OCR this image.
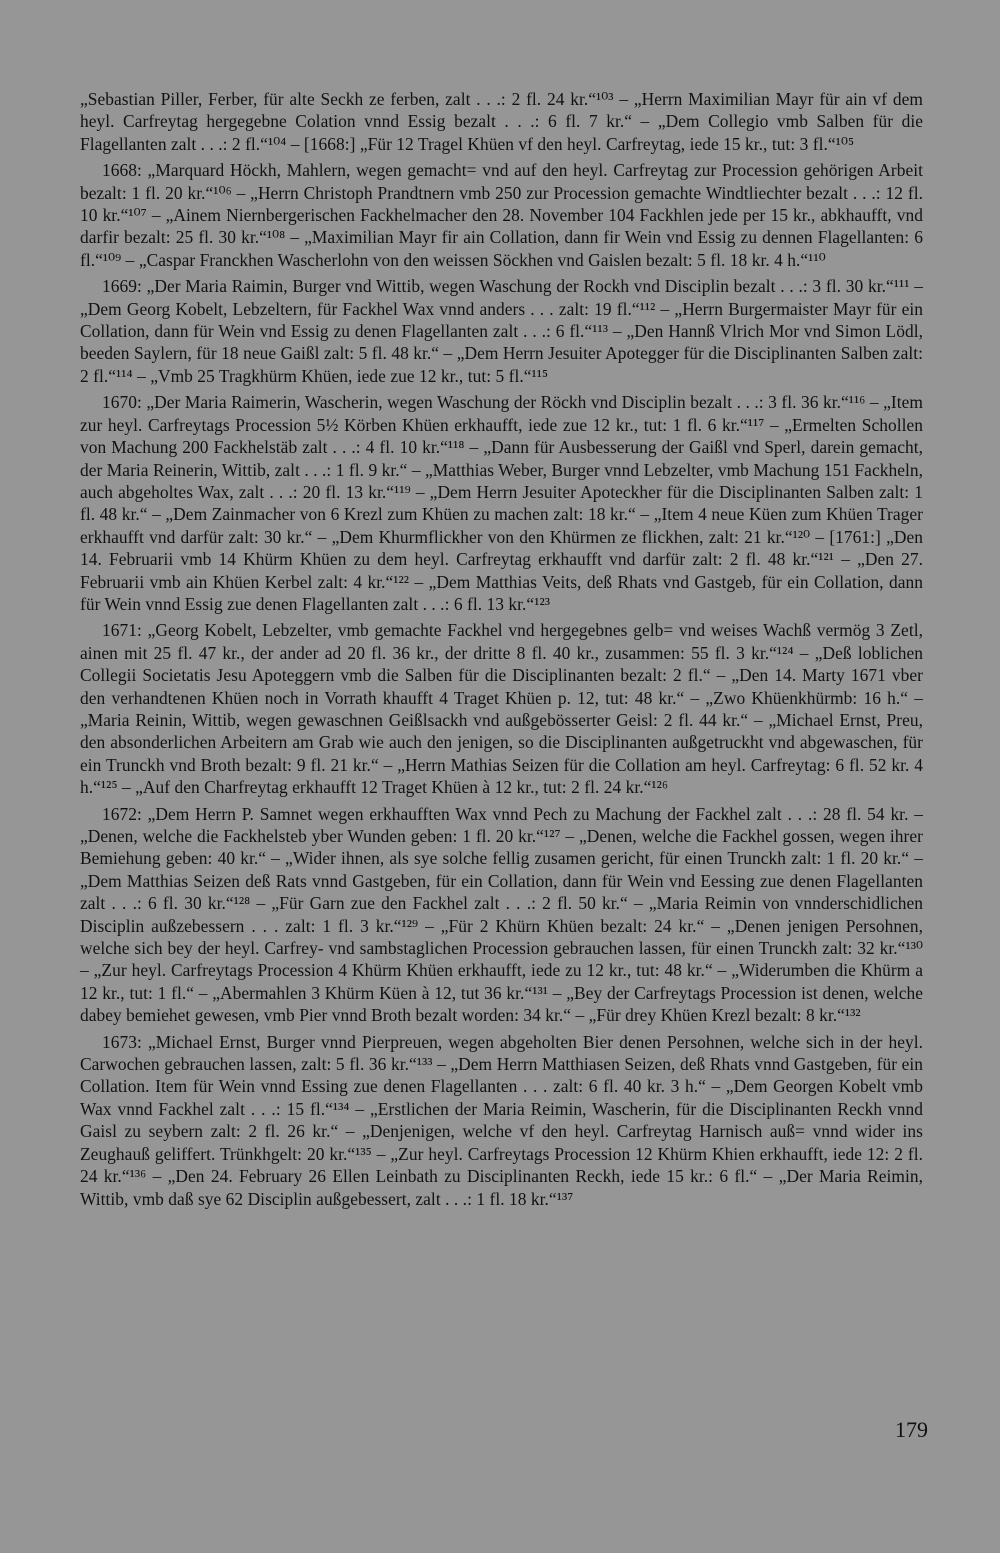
„Sebastian Piller, Ferber, für alte Seckh ze ferben, zalt . . .: 2 fl. 24 kr.“¹⁰³ – „Herrn Maximilian Mayr für ain vf dem heyl. Carfreytag hergegebne Colation vnnd Essig bezalt . . .: 6 fl. 7 kr.“ – „Dem Collegio vmb Salben für die Flagellanten zalt . . .: 2 fl.“¹⁰⁴ – [1668:] „Für 12 Tragel Khüen vf den heyl. Carfreytag, iede 15 kr., tut: 3 fl.“¹⁰⁵

1668: „Marquard Höckh, Mahlern, wegen gemacht= vnd auf den heyl. Carfreytag zur Procession gehörigen Arbeit bezalt: 1 fl. 20 kr.“¹⁰⁶ – „Herrn Christoph Prandtnern vmb 250 zur Procession gemachte Windtliechter bezalt . . .: 12 fl. 10 kr.“¹⁰⁷ – „Ainem Niernbergerischen Fackhelmacher den 28. November 104 Fackhlen jede per 15 kr., abkhaufft, vnd darfir bezalt: 25 fl. 30 kr.“¹⁰⁸ – „Maximilian Mayr fir ain Collation, dann fir Wein vnd Essig zu dennen Flagellanten: 6 fl.“¹⁰⁹ – „Caspar Franckhen Wascherlohn von den weissen Söckhen vnd Gaislen bezalt: 5 fl. 18 kr. 4 h.“¹¹⁰

1669: „Der Maria Raimin, Burger vnd Wittib, wegen Waschung der Rockh vnd Disciplin bezalt . . .: 3 fl. 30 kr.“¹¹¹ – „Dem Georg Kobelt, Lebzeltern, für Fackhel Wax vnnd anders . . . zalt: 19 fl.“¹¹² – „Herrn Burgermaister Mayr für ein Collation, dann für Wein vnd Essig zu denen Flagellanten zalt . . .: 6 fl.“¹¹³ – „Den Hannß Vlrich Mor vnd Simon Lödl, beeden Saylern, für 18 neue Gaißl zalt: 5 fl. 48 kr.“ – „Dem Herrn Jesuiter Apotegger für die Disciplinanten Salben zalt: 2 fl.“¹¹⁴ – „Vmb 25 Tragkhürm Khüen, iede zue 12 kr., tut: 5 fl.“¹¹⁵

1670: „Der Maria Raimerin, Wascherin, wegen Waschung der Röckh vnd Disciplin bezalt . . .: 3 fl. 36 kr.“¹¹⁶ – „Item zur heyl. Carfreytags Procession 5½ Körben Khüen erkhaufft, iede zue 12 kr., tut: 1 fl. 6 kr.“¹¹⁷ – „Ermelten Schollen von Machung 200 Fackhelstäb zalt . . .: 4 fl. 10 kr.“¹¹⁸ – „Dann für Ausbesserung der Gaißl vnd Sperl, darein gemacht, der Maria Reinerin, Wittib, zalt . . .: 1 fl. 9 kr.“ – „Matthias Weber, Burger vnnd Lebzelter, vmb Machung 151 Fackheln, auch abgeholtes Wax, zalt . . .: 20 fl. 13 kr.“¹¹⁹ – „Dem Herrn Jesuiter Apoteckher für die Disciplinanten Salben zalt: 1 fl. 48 kr.“ – „Dem Zainmacher von 6 Krezl zum Khüen zu machen zalt: 18 kr.“ – „Item 4 neue Küen zum Khüen Trager erkhaufft vnd darfür zalt: 30 kr.“ – „Dem Khurmflickher von den Khürmen ze flickhen, zalt: 21 kr.“¹²⁰ – [1761:] „Den 14. Februarii vmb 14 Khürm Khüen zu dem heyl. Carfreytag erkhaufft vnd darfür zalt: 2 fl. 48 kr.“¹²¹ – „Den 27. Februarii vmb ain Khüen Kerbel zalt: 4 kr.“¹²² – „Dem Matthias Veits, deß Rhats vnd Gastgeb, für ein Collation, dann für Wein vnnd Essig zue denen Flagellanten zalt . . .: 6 fl. 13 kr.“¹²³

1671: „Georg Kobelt, Lebzelter, vmb gemachte Fackhel vnd hergegebnes gelb= vnd weises Wachß vermög 3 Zetl, ainen mit 25 fl. 47 kr., der ander ad 20 fl. 36 kr., der dritte 8 fl. 40 kr., zusammen: 55 fl. 3 kr.“¹²⁴ – „Deß loblichen Collegii Societatis Jesu Apoteggern vmb die Salben für die Disciplinanten bezalt: 2 fl.“ – „Den 14. Marty 1671 vber den verhandtenen Khüen noch in Vorrath khaufft 4 Traget Khüen p. 12, tut: 48 kr.“ – „Zwo Khüenkhürmb: 16 h.“ – „Maria Reinin, Wittib, wegen gewaschnen Geißlsackh vnd außgebösserter Geisl: 2 fl. 44 kr.“ – „Michael Ernst, Preu, den absonderlichen Arbeitern am Grab wie auch den jenigen, so die Disciplinanten außgetruckht vnd abgewaschen, für ein Trunckh vnd Broth bezalt: 9 fl. 21 kr.“ – „Herrn Mathias Seizen für die Collation am heyl. Carfreytag: 6 fl. 52 kr. 4 h.“¹²⁵ – „Auf den Charfreytag erkhaufft 12 Traget Khüen à 12 kr., tut: 2 fl. 24 kr.“¹²⁶

1672: „Dem Herrn P. Samnet wegen erkhaufften Wax vnnd Pech zu Machung der Fackhel zalt . . .: 28 fl. 54 kr. – „Denen, welche die Fackhelsteb yber Wunden geben: 1 fl. 20 kr.“¹²⁷ – „Denen, welche die Fackhel gossen, wegen ihrer Bemiehung geben: 40 kr.“ – „Wider ihnen, als sye solche fellig zusamen gericht, für einen Trunckh zalt: 1 fl. 20 kr.“ – „Dem Matthias Seizen deß Rats vnnd Gastgeben, für ein Collation, dann für Wein vnd Eessing zue denen Flagellanten zalt . . .: 6 fl. 30 kr.“¹²⁸ – „Für Garn zue den Fackhel zalt . . .: 2 fl. 50 kr.“ – „Maria Reimin von vnnderschidlichen Disciplin außzebessern . . . zalt: 1 fl. 3 kr.“¹²⁹ – „Für 2 Khürn Khüen bezalt: 24 kr.“ – „Denen jenigen Persohnen, welche sich bey der heyl. Carfrey- vnd sambstaglichen Procession gebrauchen lassen, für einen Trunckh zalt: 32 kr.“¹³⁰ – „Zur heyl. Carfreytags Procession 4 Khürm Khüen erkhaufft, iede zu 12 kr., tut: 48 kr.“ – „Widerumben die Khürm a 12 kr., tut: 1 fl.“ – „Abermahlen 3 Khürm Küen à 12, tut 36 kr.“¹³¹ – „Bey der Carfreytags Procession ist denen, welche dabey bemiehet gewesen, vmb Pier vnnd Broth bezalt worden: 34 kr.“ – „Für drey Khüen Krezl bezalt: 8 kr.“¹³²

1673: „Michael Ernst, Burger vnnd Pierpreuen, wegen abgeholten Bier denen Persohnen, welche sich in der heyl. Carwochen gebrauchen lassen, zalt: 5 fl. 36 kr.“¹³³ – „Dem Herrn Matthiasen Seizen, deß Rhats vnnd Gastgeben, für ein Collation. Item für Wein vnnd Essing zue denen Flagellanten . . . zalt: 6 fl. 40 kr. 3 h.“ – „Dem Georgen Kobelt vmb Wax vnnd Fackhel zalt . . .: 15 fl.“¹³⁴ – „Erstlichen der Maria Reimin, Wascherin, für die Disciplinanten Reckh vnnd Gaisl zu seybern zalt: 2 fl. 26 kr.“ – „Denjenigen, welche vf den heyl. Carfreytag Harnisch auß= vnnd wider ins Zeughauß geliffert. Trünkhgelt: 20 kr.“¹³⁵ – „Zur heyl. Carfreytags Procession 12 Khürm Khien erkhaufft, iede 12: 2 fl. 24 kr.“¹³⁶ – „Den 24. February 26 Ellen Leinbath zu Disciplinanten Reckh, iede 15 kr.: 6 fl.“ – „Der Maria Reimin, Wittib, vmb daß sye 62 Disciplin außgebessert, zalt . . .: 1 fl. 18 kr.“¹³⁷

179
